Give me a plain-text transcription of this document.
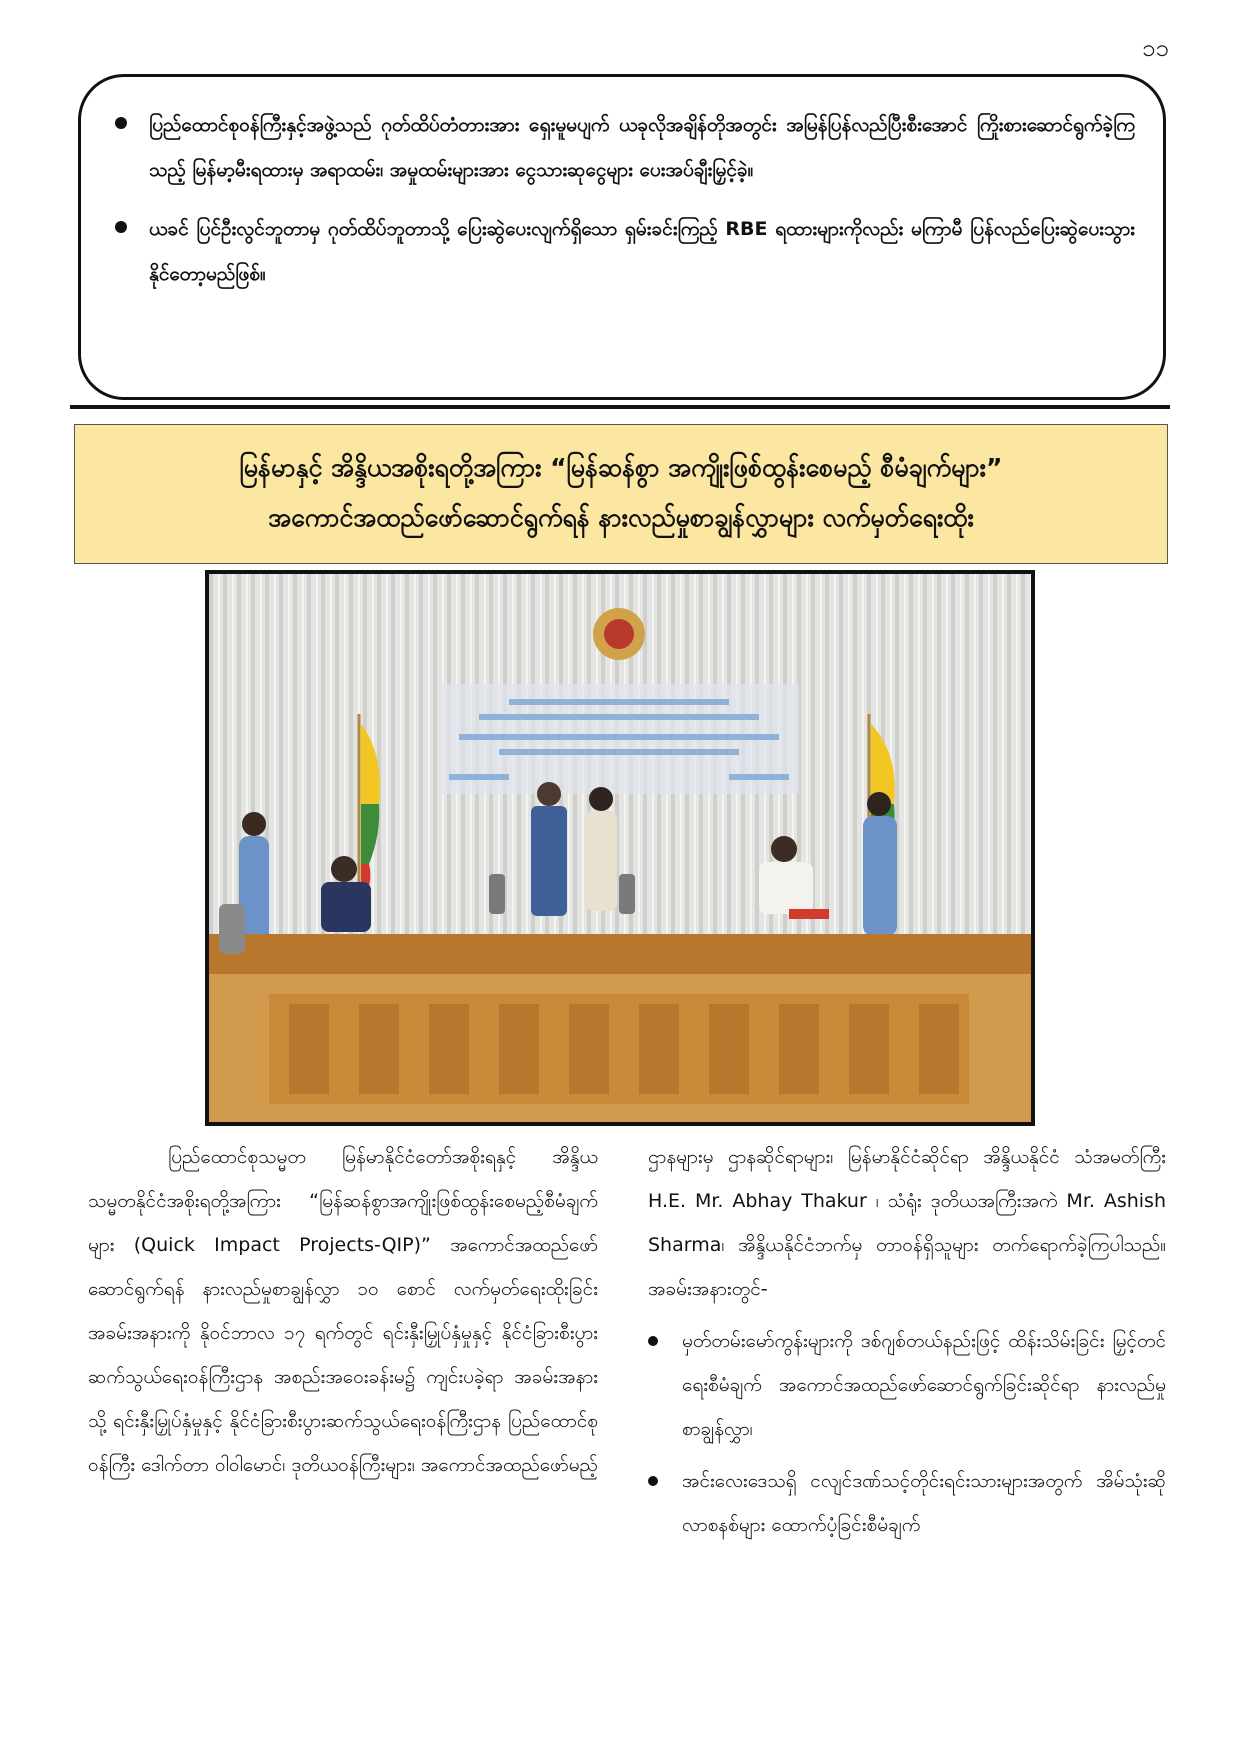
၁၁
ပြည်ထောင်စုဝန်ကြီးနှင့်အဖွဲ့သည် ဂုတ်ထိပ်တံတားအား ရှေးမူမပျက် ယခုလိုအချိန်တိုအတွင်း အမြန်ပြန်လည်ပြီးစီးအောင် ကြိုးစားဆောင်ရွက်ခဲ့ကြသည့် မြန်မာ့မီးရထားမှ အရာထမ်း၊ အမှုထမ်းများအား ငွေသားဆုငွေများ ပေးအပ်ချီးမြှင့်ခဲ့။
ယခင် ပြင်ဦးလွင်ဘူတာမှ ဂုတ်ထိပ်ဘူတာသို့ ပြေးဆွဲပေးလျက်ရှိသော ရှမ်းခင်းကြည့် RBE ရထားများကိုလည်း မကြာမီ ပြန်လည်ပြေးဆွဲပေးသွားနိုင်တော့မည်ဖြစ်။
မြန်မာနှင့် အိန္ဒိယအစိုးရတို့အကြား “မြန်ဆန်စွာ အကျိုးဖြစ်ထွန်းစေမည့် စီမံချက်များ”
အကောင်အထည်ဖော်ဆောင်ရွက်ရန် နားလည်မှုစာချွန်လွှာများ လက်မှတ်ရေးထိုး

ပြည်ထောင်စုသမ္မတ မြန်မာနိုင်ငံတော်အစိုးရနှင့် အိန္ဒိယသမ္မတနိုင်ငံအစိုးရတို့အကြား “မြန်ဆန်စွာအကျိုးဖြစ်ထွန်းစေမည့်စီမံချက်များ (Quick Impact Projects-QIP)” အကောင်အထည်ဖော် ဆောင်ရွက်ရန် နားလည်မှုစာချွန်လွှာ ၁၀ စောင် လက်မှတ်ရေးထိုးခြင်းအခမ်းအနားကို နိုဝင်ဘာလ ၁၇ ရက်တွင် ရင်းနှီးမြှုပ်နှံမှုနှင့် နိုင်ငံခြားစီးပွားဆက်သွယ်ရေးဝန်ကြီးဌာန အစည်းအဝေးခန်းမ၌ ကျင်းပခဲ့ရာ အခမ်းအနားသို့ ရင်းနှီးမြှုပ်နှံမှုနှင့် နိုင်ငံခြားစီးပွားဆက်သွယ်ရေးဝန်ကြီးဌာန ပြည်ထောင်စုဝန်ကြီး ဒေါက်တာ ဝါဝါမောင်၊ ဒုတိယဝန်ကြီးများ၊ အကောင်အထည်ဖော်မည့်

ဌာနများမှ ဌာနဆိုင်ရာများ၊ မြန်မာနိုင်ငံဆိုင်ရာ အိန္ဒိယနိုင်ငံ သံအမတ်ကြီး H.E. Mr. Abhay Thakur ၊ သံရုံး ဒုတိယအကြီးအကဲ Mr. Ashish Sharma၊ အိန္ဒိယနိုင်ငံဘက်မှ တာဝန်ရှိသူများ တက်ရောက်ခဲ့ကြပါသည်။ အခမ်းအနားတွင်-

မှတ်တမ်းမော်ကွန်းများကို ဒစ်ဂျစ်တယ်နည်းဖြင့် ထိန်းသိမ်းခြင်း မြှင့်တင်ရေးစီမံချက် အကောင်အထည်ဖော်ဆောင်ရွက်ခြင်းဆိုင်ရာ နားလည်မှုစာချွန်လွှာ၊
အင်းလေးဒေသရှိ ငလျင်ဒဏ်သင့်တိုင်းရင်းသားများအတွက် အိမ်သုံးဆိုလာစနစ်များ ထောက်ပံ့ခြင်းစီမံချက်
